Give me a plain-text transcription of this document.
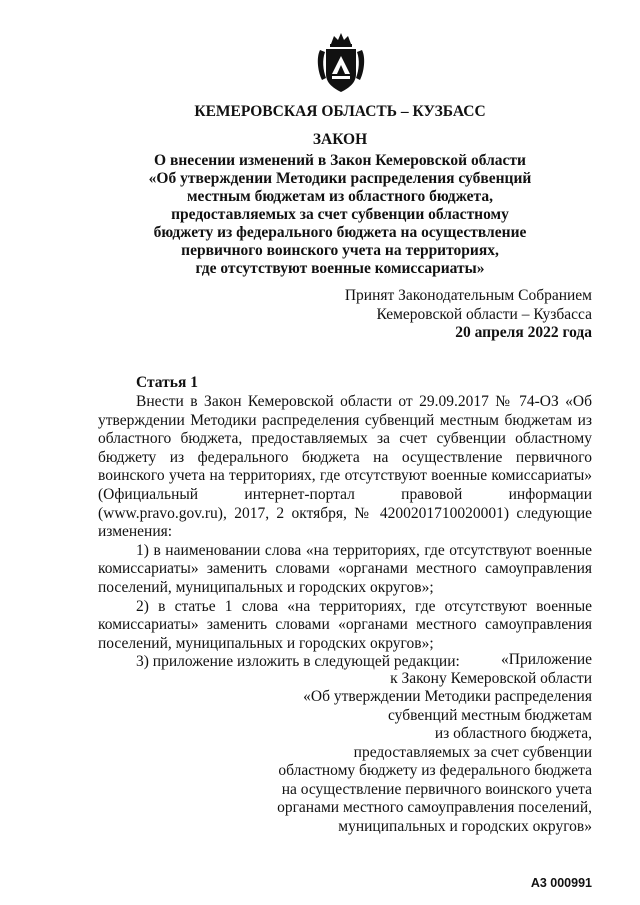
КЕМЕРОВСКАЯ ОБЛАСТЬ – КУЗБАСС
ЗАКОН
О внесении изменений в Закон Кемеровской области
«Об утверждении Методики распределения субвенций
местным бюджетам из областного бюджета,
предоставляемых за счет субвенции областному
бюджету из федерального бюджета на осуществление
первичного воинского учета на территориях,
где отсутствуют военные комиссариаты»
Принят Законодательным Собранием
Кемеровской области – Кузбасса
20 апреля 2022 года
Статья 1

Внести в Закон Кемеровской области от 29.09.2017 № 74-ОЗ «Об утверждении Методики распределения субвенций местным бюджетам из областного бюджета, предоставляемых за счет субвенции областному бюджету из федерального бюджета на осуществление первичного воинского учета на территориях, где отсутствуют военные комиссариаты» (Официальный интернет-портал правовой информации (www.pravo.gov.ru), 2017, 2 октября, № 4200201710020001) следующие изменения:

1) в наименовании слова «на территориях, где отсутствуют военные комиссариаты» заменить словами «органами местного самоуправления поселений, муниципальных и городских округов»;

2) в статье 1 слова «на территориях, где отсутствуют военные комиссариаты» заменить словами «органами местного самоуправления поселений, муниципальных и городских округов»;

3) приложение изложить в следующей редакции:	«Приложение
к Закону Кемеровской области
«Об утверждении Методики распределения
субвенций местным бюджетам
из областного бюджета,
предоставляемых за счет субвенции
областному бюджету из федерального бюджета
на осуществление первичного воинского учета
органами местного самоуправления поселений,
муниципальных и городских округов»
А3 000991
